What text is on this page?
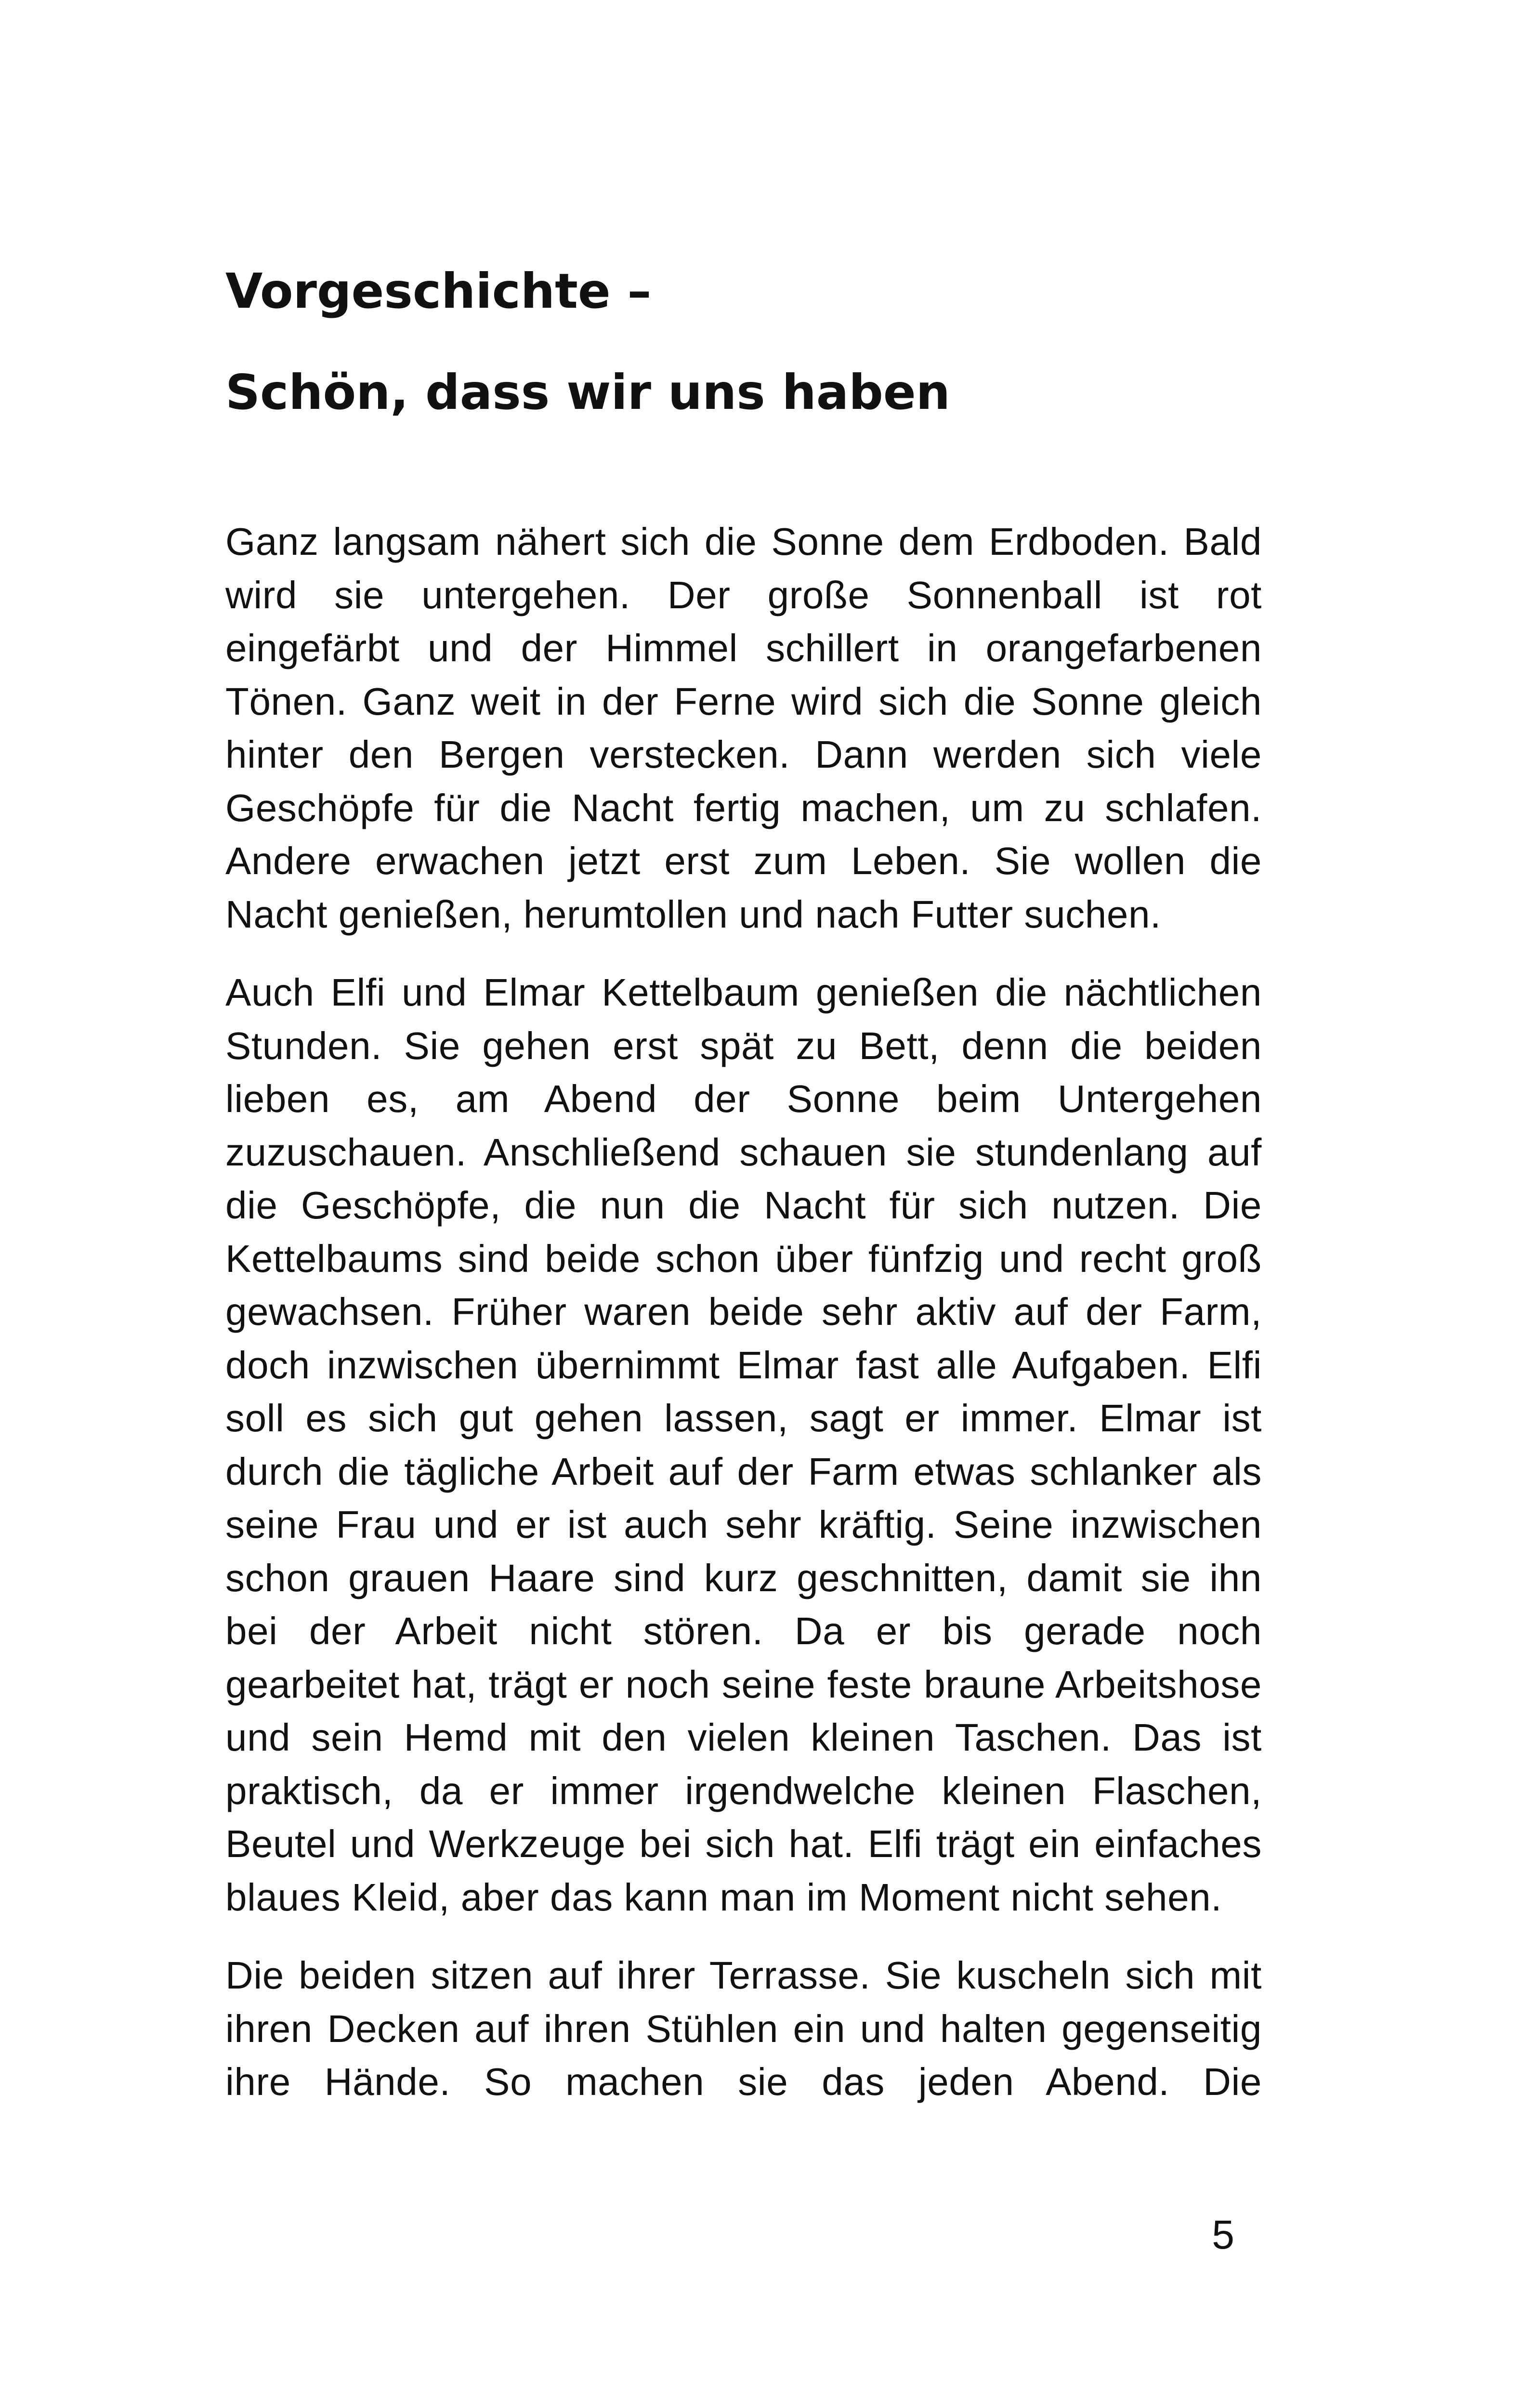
Vorgeschichte –
Schön, dass wir uns haben

Ganz langsam nähert sich die Sonne dem Erdboden. Bald wird sie untergehen. Der große Sonnenball ist rot eingefärbt und der Himmel schillert in orangefarbenen Tönen. Ganz weit in der Ferne wird sich die Sonne gleich hinter den Bergen verstecken. Dann werden sich viele Geschöpfe für die Nacht fertig machen, um zu schlafen. Andere erwachen jetzt erst zum Leben. Sie wollen die Nacht genießen, herumtollen und nach Futter suchen.

Auch Elfi und Elmar Kettelbaum genießen die nächtlichen Stunden. Sie gehen erst spät zu Bett, denn die beiden lieben es, am Abend der Sonne beim Untergehen zuzuschauen. Anschließend schauen sie stundenlang auf die Geschöpfe, die nun die Nacht für sich nutzen. Die Kettelbaums sind beide schon über fünfzig und recht groß gewachsen. Früher waren beide sehr aktiv auf der Farm, doch inzwischen übernimmt Elmar fast alle Aufgaben. Elfi soll es sich gut gehen lassen, sagt er immer. Elmar ist durch die tägliche Arbeit auf der Farm etwas schlanker als seine Frau und er ist auch sehr kräftig. Seine inzwischen schon grauen Haare sind kurz geschnitten, damit sie ihn bei der Arbeit nicht stören. Da er bis gerade noch gearbeitet hat, trägt er noch seine feste braune Arbeitshose und sein Hemd mit den vielen kleinen Taschen. Das ist praktisch, da er immer irgendwelche kleinen Flaschen, Beutel und Werkzeuge bei sich hat. Elfi trägt ein einfaches blaues Kleid, aber das kann man im Moment nicht sehen.

Die beiden sitzen auf ihrer Terrasse. Sie kuscheln sich mit ihren Decken auf ihren Stühlen ein und halten gegenseitig ihre Hände. So machen sie das jeden Abend. Die

5
